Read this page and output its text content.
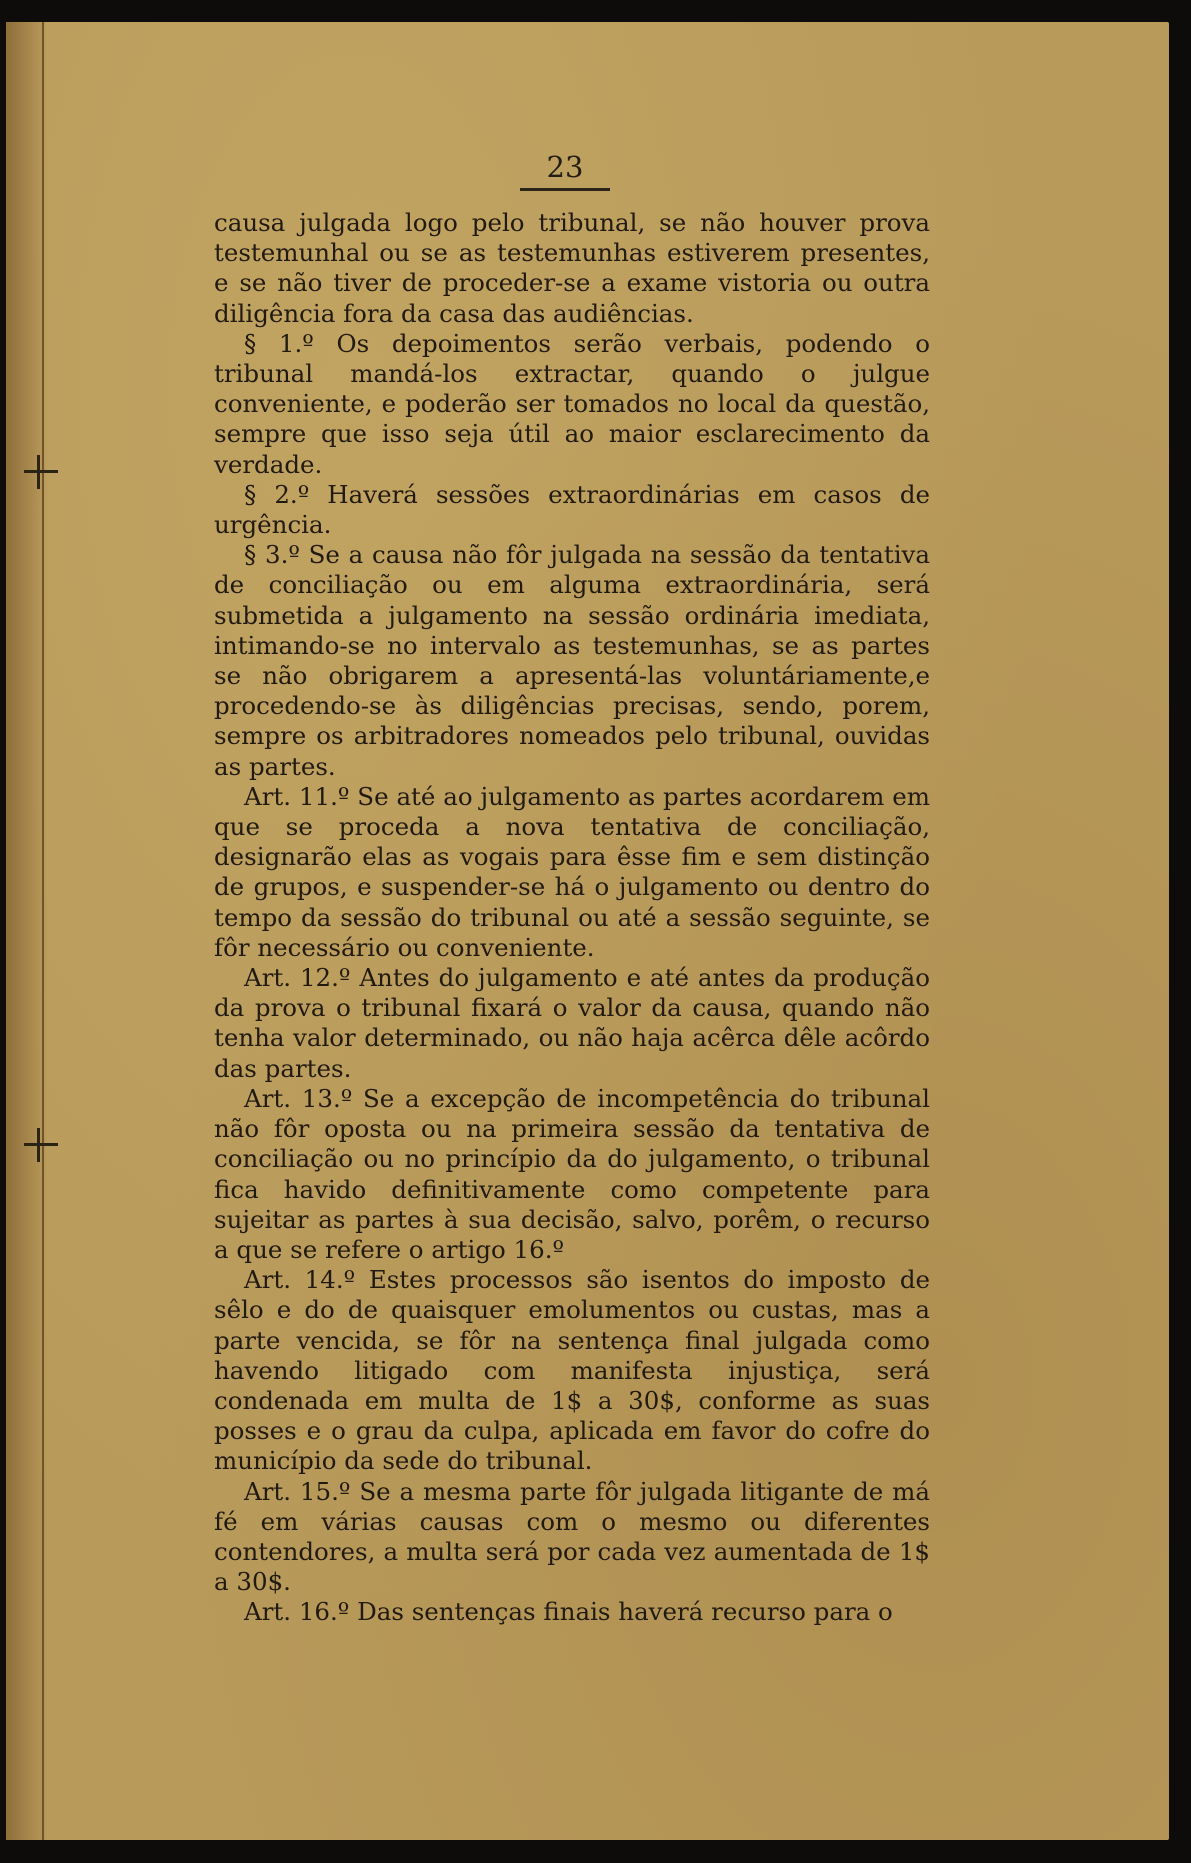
23

causa julgada logo pelo tribunal, se não houver prova testemunhal ou se as testemunhas estiverem presentes, e se não tiver de proceder-se a exame vistoria ou outra diligência fora da casa das audiências.

§ 1.º Os depoimentos serão verbais, podendo o tribunal mandá-los extractar, quando o julgue conveniente, e poderão ser tomados no local da questão, sempre que isso seja útil ao maior esclarecimento da verdade.

§ 2.º Haverá sessões extraordinárias em casos de urgência.

§ 3.º Se a causa não fôr julgada na sessão da tentativa de conciliação ou em alguma extraordinária, será submetida a julgamento na sessão ordinária imediata, intimando-se no intervalo as testemunhas, se as partes se não obrigarem a apresentá-las voluntáriamente,e procedendo-se às diligências precisas, sendo, porem, sempre os arbitradores nomeados pelo tribunal, ouvidas as partes.

Art. 11.º Se até ao julgamento as partes acordarem em que se proceda a nova tentativa de conciliação, designarão elas as vogais para êsse fim e sem distinção de grupos, e suspender-se há o julgamento ou dentro do tempo da sessão do tribunal ou até a sessão seguinte, se fôr necessário ou conveniente.

Art. 12.º Antes do julgamento e até antes da produção da prova o tribunal fixará o valor da causa, quando não tenha valor determinado, ou não haja acêrca dêle acôrdo das partes.

Art. 13.º Se a excepção de incompetência do tribunal não fôr oposta ou na primeira sessão da tentativa de conciliação ou no princípio da do julgamento, o tribunal fica havido definitivamente como competente para sujeitar as partes à sua decisão, salvo, porêm, o recurso a que se refere o artigo 16.º

Art. 14.º Estes processos são isentos do imposto de sêlo e do de quaisquer emolumentos ou custas, mas a parte vencida, se fôr na sentença final julgada como havendo litigado com manifesta injustiça, será condenada em multa de 1$ a 30$, conforme as suas posses e o grau da culpa, aplicada em favor do cofre do município da sede do tribunal.

Art. 15.º Se a mesma parte fôr julgada litigante de má fé em várias causas com o mesmo ou diferentes contendores, a multa será por cada vez aumentada de 1$ a 30$.

Art. 16.º Das sentenças finais haverá recurso para o
